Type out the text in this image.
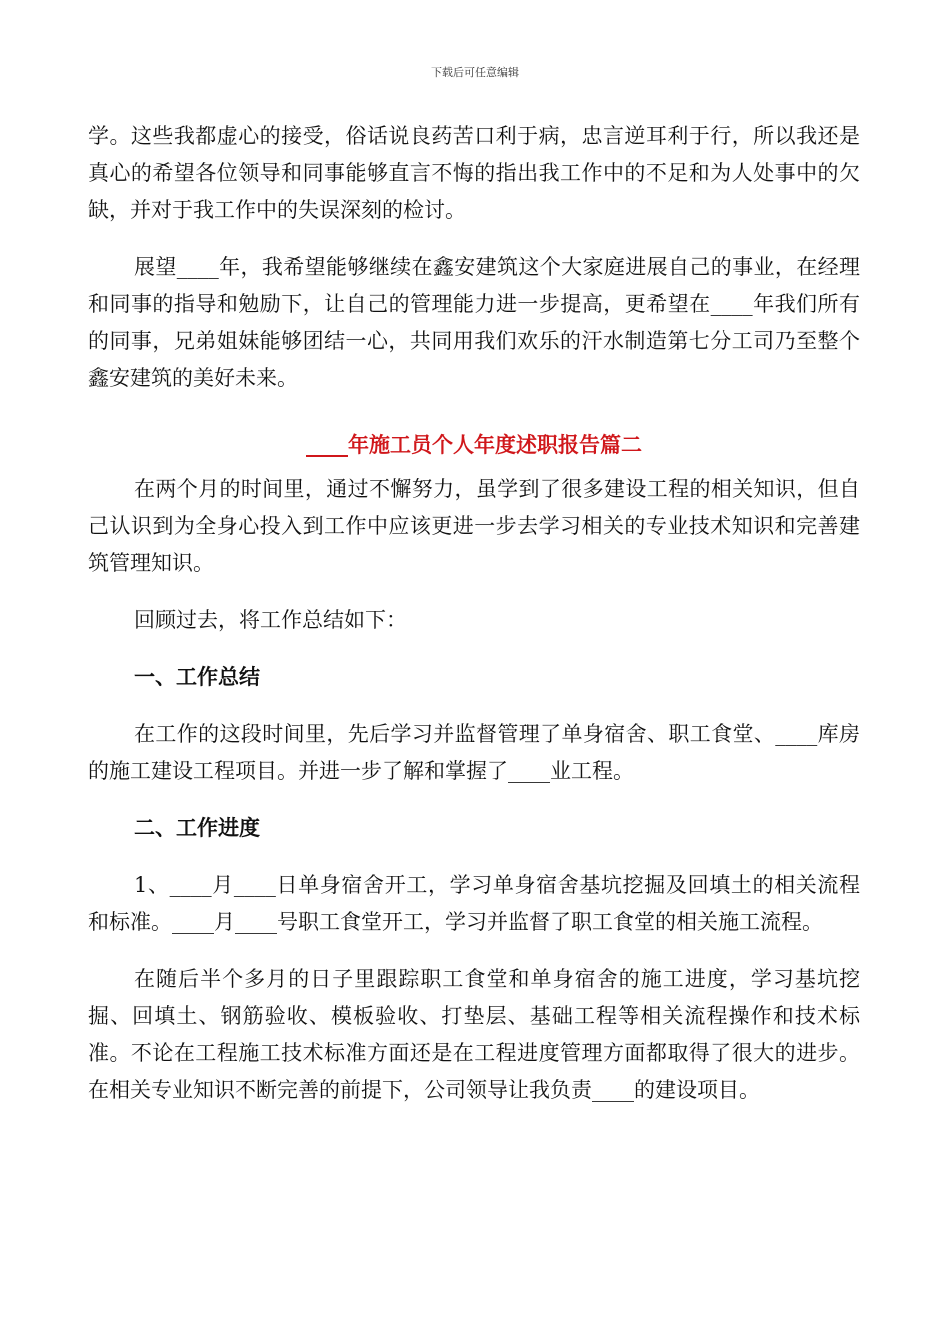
下载后可任意编辑

学。这些我都虚心的接受，俗话说良药苦口利于病，忠言逆耳利于行，所以我还是真心的希望各位领导和同事能够直言不悔的指出我工作中的不足和为人处事中的欠缺，并对于我工作中的失误深刻的检讨。

展望____年，我希望能够继续在鑫安建筑这个大家庭进展自己的事业，在经理和同事的指导和勉励下，让自己的管理能力进一步提高，更希望在____年我们所有的同事，兄弟姐妹能够团结一心，共同用我们欢乐的汗水制造第七分工司乃至整个鑫安建筑的美好未来。

____年施工员个人年度述职报告篇二

在两个月的时间里，通过不懈努力，虽学到了很多建设工程的相关知识，但自己认识到为全身心投入到工作中应该更进一步去学习相关的专业技术知识和完善建筑管理知识。

回顾过去，将工作总结如下：

一、工作总结

在工作的这段时间里，先后学习并监督管理了单身宿舍、职工食堂、____库房的施工建设工程项目。并进一步了解和掌握了____业工程。

二、工作进度

1、____月____日单身宿舍开工，学习单身宿舍基坑挖掘及回填土的相关流程和标准。____月____号职工食堂开工，学习并监督了职工食堂的相关施工流程。

在随后半个多月的日子里跟踪职工食堂和单身宿舍的施工进度，学习基坑挖掘、回填土、钢筋验收、模板验收、打垫层、基础工程等相关流程操作和技术标准。不论在工程施工技术标准方面还是在工程进度管理方面都取得了很大的进步。在相关专业知识不断完善的前提下，公司领导让我负责____的建设项目。
